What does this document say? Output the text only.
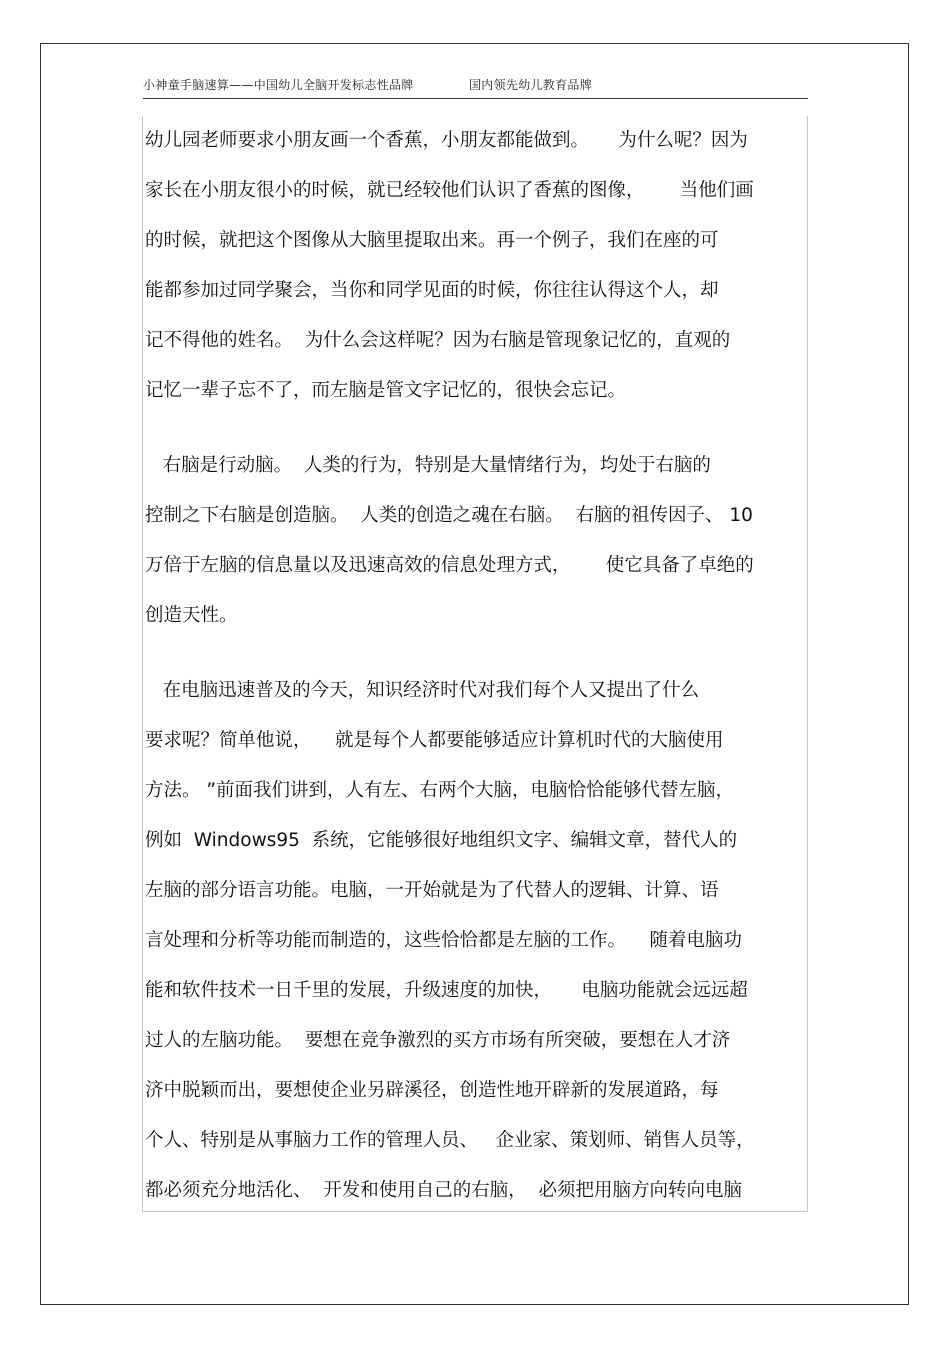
小神童手脑速算——中国幼儿全脑开发标志性品牌	国内领先幼儿教育品牌
幼儿园老师要求小朋友画一个香蕉，小朋友都能做到。     为什么呢？因为
家长在小朋友很小的时候，就已经较他们认识了香蕉的图像，      当他们画
的时候，就把这个图像从大脑里提取出来。再一个例子，我们在座的可
能都参加过同学聚会，当你和同学见面的时候，你往往认得这个人，却
记不得他的姓名。  为什么会这样呢？因为右脑是管现象记忆的，直观的
记忆一辈子忘不了，而左脑是管文字记忆的，很快会忘记。
右脑是行动脑。  人类的行为，特别是大量情绪行为，均处于右脑的
控制之下右脑是创造脑。  人类的创造之魂在右脑。  右脑的祖传因子、 10
万倍于左脑的信息量以及迅速高效的信息处理方式，      使它具备了卓绝的
创造天性。
在电脑迅速普及的今天，知识经济时代对我们每个人又提出了什么
要求呢？简单他说，    就是每个人都要能够适应计算机时代的大脑使用
方法。 ”前面我们讲到，人有左、右两个大脑，电脑恰恰能够代替左脑，
例如  Windows95  系统，它能够很好地组织文字、编辑文章，替代人的
左脑的部分语言功能。电脑，一开始就是为了代替人的逻辑、计算、语
言处理和分析等功能而制造的，这些恰恰都是左脑的工作。    随着电脑功
能和软件技术一日千里的发展，升级速度的加快，     电脑功能就会远远超
过人的左脑功能。  要想在竞争激烈的买方市场有所突破，要想在人才济
济中脱颖而出，要想使企业另辟溪径，创造性地开辟新的发展道路，每
个人、特别是从事脑力工作的管理人员、   企业家、策划师、销售人员等，
都必须充分地活化、  开发和使用自己的右脑，  必须把用脑方向转向电脑
